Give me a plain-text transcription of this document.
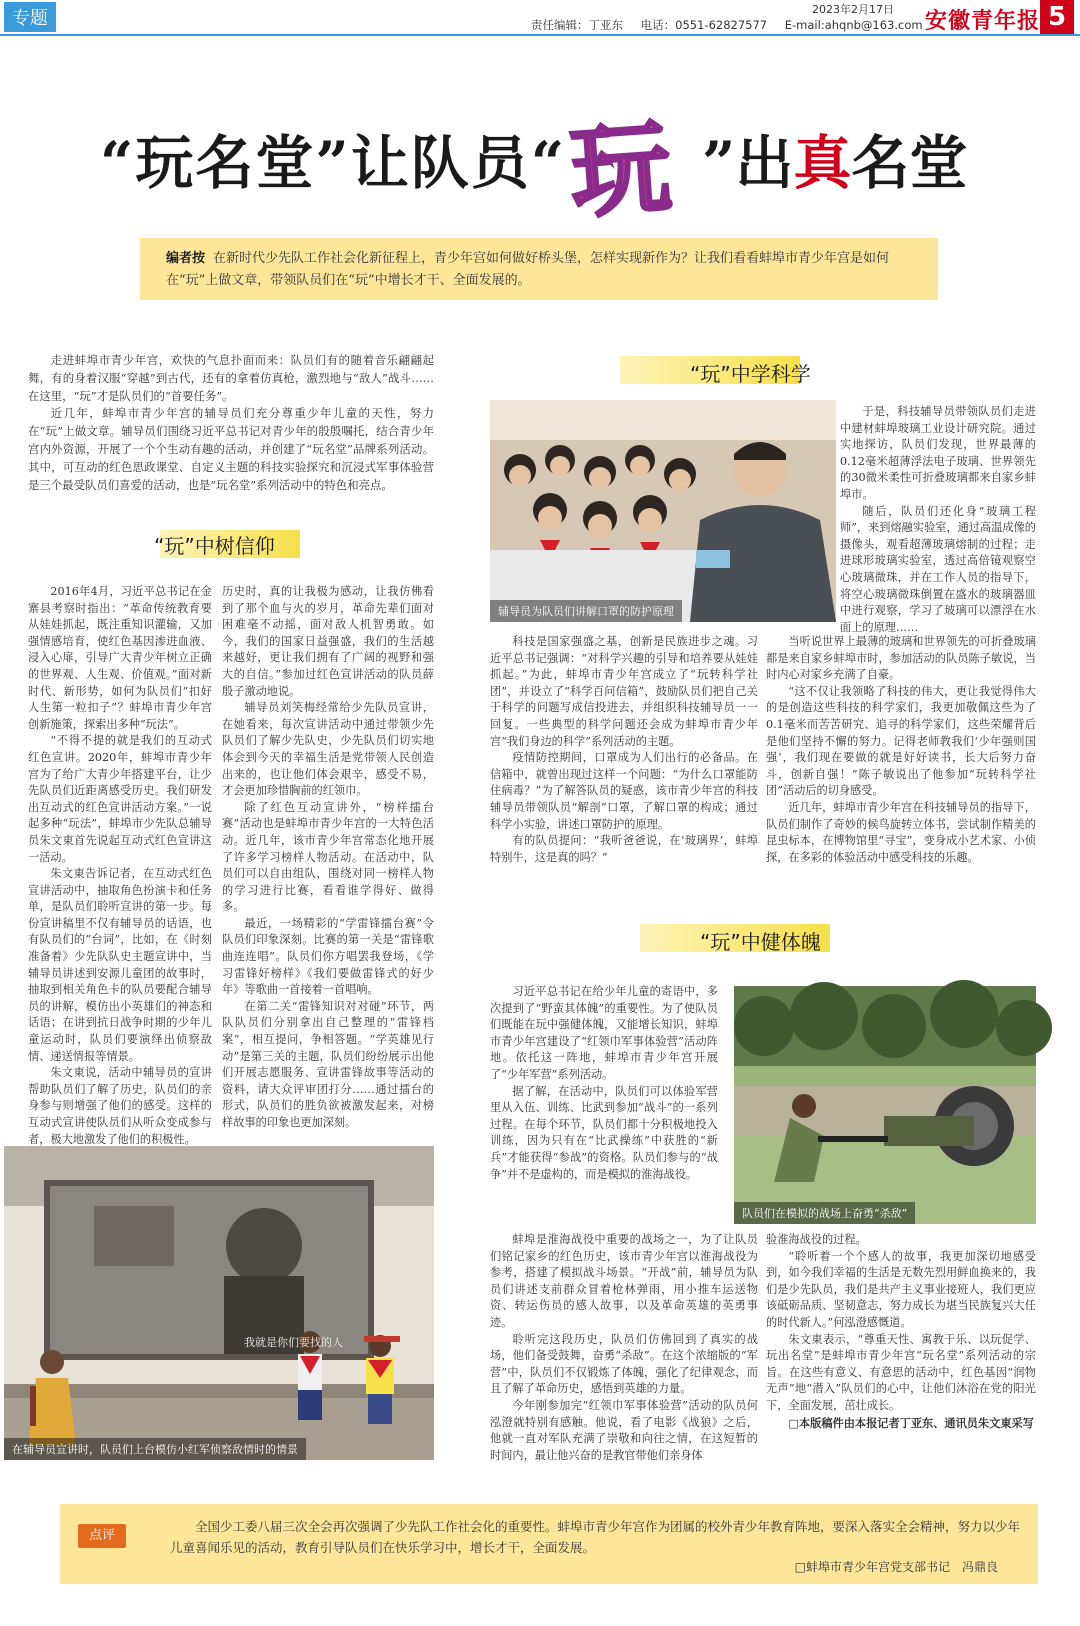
专题	2023年2月17日
责任编辑：丁亚东 电话：0551-62827577 E-mail:ahqnb@163.com 安徽青年报 5
“玩名堂”让队员“ 玩 ”出真名堂
编者按 在新时代少先队工作社会化新征程上，青少年宫如何做好桥头堡，怎样实现新作为？让我们看看蚌埠市青少年宫是如何在“玩”上做文章，带领队员们在“玩”中增长才干、全面发展的。

走进蚌埠市青少年宫，欢快的气息扑面而来：队员们有的随着音乐翩翩起舞，有的身着汉服“穿越”到古代，还有的拿着仿真枪，激烈地与“敌人”战斗……在这里，“玩”才是队员们的“首要任务”。

近几年，蚌埠市青少年宫的辅导员们充分尊重少年儿童的天性，努力在“玩”上做文章。辅导员们围绕习近平总书记对青少年的殷殷嘱托，结合青少年宫内外资源，开展了一个个生动有趣的活动，并创建了“玩名堂”品牌系列活动。其中，可互动的红色思政课堂、自定义主题的科技实验探究和沉浸式军事体验营是三个最受队员们喜爱的活动，也是“玩名堂”系列活动中的特色和亮点。

“玩”中树信仰

2016年4月，习近平总书记在金寨县考察时指出：“革命传统教育要从娃娃抓起，既注重知识灌输，又加强情感培育，使红色基因渗进血液、浸入心扉，引导广大青少年树立正确的世界观、人生观、价值观。”面对新时代、新形势，如何为队员们“扣好人生第一粒扣子”？蚌埠市青少年宫创新施策，探索出多种“玩法”。

“不得不提的就是我们的互动式红色宣讲。2020年，蚌埠市青少年宫为了给广大青少年搭建平台，让少先队员们近距离感受历史。我们研发出互动式的红色宣讲活动方案。”一说起多种“玩法”，蚌埠市少先队总辅导员朱文東首先说起互动式红色宣讲这一活动。

朱文東告诉记者，在互动式红色宣讲活动中，抽取角色扮演卡和任务单，是队员们聆听宣讲的第一步。每份宣讲稿里不仅有辅导员的话语，也有队员们的“台词”，比如，在《时刻准备着》少先队队史主题宣讲中，当辅导员讲述到安源儿童团的故事时，抽取到相关角色卡的队员要配合辅导员的讲解，模仿出小英雄们的神态和话语；在讲到抗日战争时期的少年儿童运动时，队员们要演绎出侦察敌情、递送情报等情景。

朱文東说，活动中辅导员的宣讲帮助队员们了解了历史，队员们的亲身参与则增强了他们的感受。这样的互动式宣讲使队员们从听众变成参与者，极大地激发了他们的积极性。

历史时，真的让我极为感动，让我仿佛看到了那个血与火的岁月，革命先辈们面对困难毫不动摇，面对敌人机智勇敢。如今，我们的国家日益强盛，我们的生活越来越好，更让我们拥有了广阔的视野和强大的自信。”参加过红色宣讲活动的队员薛殷子激动地说。

辅导员刘笑梅经常给少先队员宣讲，在她看来，每次宣讲活动中通过带领少先队员们了解少先队史，少先队员们切实地体会到今天的幸福生活是党带领人民创造出来的，也让他们体会艰辛，感受不易，才会更加珍惜胸前的红领巾。

除了红色互动宣讲外，“榜样擂台赛”活动也是蚌埠市青少年宫的一大特色活动。近几年，该市青少年宫常态化地开展了许多学习榜样人物活动。在活动中，队员们可以自由组队，围绕对同一榜样人物的学习进行比赛，看看谁学得好、做得多。

最近，一场精彩的“学雷锋擂台赛”令队员们印象深刻。比赛的第一关是“雷锋歌曲连连唱”。队员们你方唱罢我登场，《学习雷锋好榜样》《我们要做雷锋式的好少年》等歌曲一首接着一首唱响。

在第二关“雷锋知识对对碰”环节，两队队员们分别拿出自己整理的“雷锋档案”，相互提问，争相答题。“学英雄见行动”是第三关的主题，队员们纷纷展示出他们开展志愿服务、宣讲雷锋故事等活动的资料，请大众评审团打分……通过擂台的形式，队员们的胜负欲被激发起来，对榜样故事的印象也更加深刻。

我就是你们要找的人
在辅导员宣讲时，队员们上台模仿小红军侦察敌情时的情景
“玩”中学科学
辅导员为队员们讲解口罩的防护原理

于是，科技辅导员带领队员们走进中建材蚌埠玻璃工业设计研究院。通过实地探访，队员们发现，世界最薄的0.12毫米超薄浮法电子玻璃、世界领先的30微米柔性可折叠玻璃都来自家乡蚌埠市。

随后，队员们还化身“玻璃工程师”，来到熔融实验室，通过高温成像的摄像头，观看超薄玻璃熔制的过程；走进球形玻璃实验室，透过高倍镜观察空心玻璃微珠，并在工作人员的指导下，将空心玻璃微珠倒置在盛水的玻璃器皿中进行观察，学习了玻璃可以漂浮在水面上的原理……

科技是国家强盛之基，创新是民族进步之魂。习近平总书记强调：“对科学兴趣的引导和培养要从娃娃抓起。”为此，蚌埠市青少年宫成立了“玩转科学社团”，并设立了“科学百问信箱”，鼓励队员们把自己关于科学的问题写成信投进去，并组织科技辅导员一一回复。一些典型的科学问题还会成为蚌埠市青少年宫“我们身边的科学”系列活动的主题。

疫情防控期间，口罩成为人们出行的必备品。在信箱中，就曾出现过这样一个问题：“为什么口罩能防住病毒？”为了解答队员的疑惑，该市青少年宫的科技辅导员带领队员“解剖”口罩，了解口罩的构成；通过科学小实验，讲述口罩防护的原理。

有的队员提问：“我听爸爸说，在‘玻璃界’，蚌埠特别牛，这是真的吗？”

当听说世界上最薄的玻璃和世界领先的可折叠玻璃都是来自家乡蚌埠市时，参加活动的队员陈子敏说，当时内心对家乡充满了自豪。

“这不仅让我领略了科技的伟大，更让我觉得伟大的是创造这些科技的科学家们，我更加敬佩这些为了0.1毫米而苦苦研究、追寻的科学家们，这些荣耀背后是他们坚持不懈的努力。记得老师教我们‘少年强则国强’，我们现在要做的就是好好读书，长大后努力奋斗，创新自强！”陈子敏说出了他参加“玩转科学社团”活动后的切身感受。

近几年，蚌埠市青少年宫在科技辅导员的指导下，队员们制作了奇妙的候鸟旋转立体书，尝试制作精美的昆虫标本，在博物馆里“寻宝”，变身成小艺术家、小侦探，在多彩的体验活动中感受科技的乐趣。

“玩”中健体魄

习近平总书记在给少年儿童的寄语中，多次提到了“野蛮其体魄”的重要性。为了使队员们既能在玩中强健体魄，又能增长知识，蚌埠市青少年宫建设了“红领巾军事体验营”活动阵地。依托这一阵地，蚌埠市青少年宫开展了“少年军营”系列活动。

据了解，在活动中，队员们可以体验军营里从入伍、训练、比武到参加“战斗”的一系列过程。在每个环节，队员们都十分积极地投入训练，因为只有在“比武操练”中获胜的“新兵”才能获得“参战”的资格。队员们参与的“战争”并不是虚构的，而是模拟的淮海战役。

队员们在模拟的战场上奋勇“杀敌”

蚌埠是淮海战役中重要的战场之一，为了让队员们铭记家乡的红色历史，该市青少年宫以淮海战役为参考，搭建了模拟战斗场景。“开战”前，辅导员为队员们讲述支前群众冒着枪林弹雨，用小推车运送物资、转运伤员的感人故事，以及革命英雄的英勇事迹。

聆听完这段历史，队员们仿佛回到了真实的战场，他们备受鼓舞，奋勇“杀敌”。在这个浓缩版的“军营”中，队员们不仅锻炼了体魄，强化了纪律观念，而且了解了革命历史，感悟到英雄的力量。

今年刚参加完“红领巾军事体验营”活动的队员何泓澄就特别有感触。他说，看了电影《战狼》之后，他就一直对军队充满了崇敬和向往之情，在这短暂的时间内，最让他兴奋的是教官带他们亲身体

验淮海战役的过程。

“聆听着一个个感人的故事，我更加深切地感受到，如今我们幸福的生活是无数先烈用鲜血换来的，我们是少先队员，我们是共产主义事业接班人，我们更应该砥砺品质、坚韧意志，努力成长为堪当民族复兴大任的时代新人。”何泓澄感慨道。

朱文東表示，“尊重天性、寓教于乐、以玩促学、玩出名堂”是蚌埠市青少年宫“玩名堂”系列活动的宗旨。在这些有意义、有意思的活动中，红色基因“润物无声”地“潜入”队员们的心中，让他们沐浴在党的阳光下，全面发展，茁壮成长。

□本版稿件由本报记者丁亚东、通讯员朱文東采写

点评
全国少工委八届三次全会再次强调了少先队工作社会化的重要性。蚌埠市青少年宫作为团属的校外青少年教育阵地，要深入落实全会精神，努力以少年儿童喜闻乐见的活动，教育引导队员们在快乐学习中，增长才干，全面发展。
□蚌埠市青少年宫党支部书记　冯鼎良
